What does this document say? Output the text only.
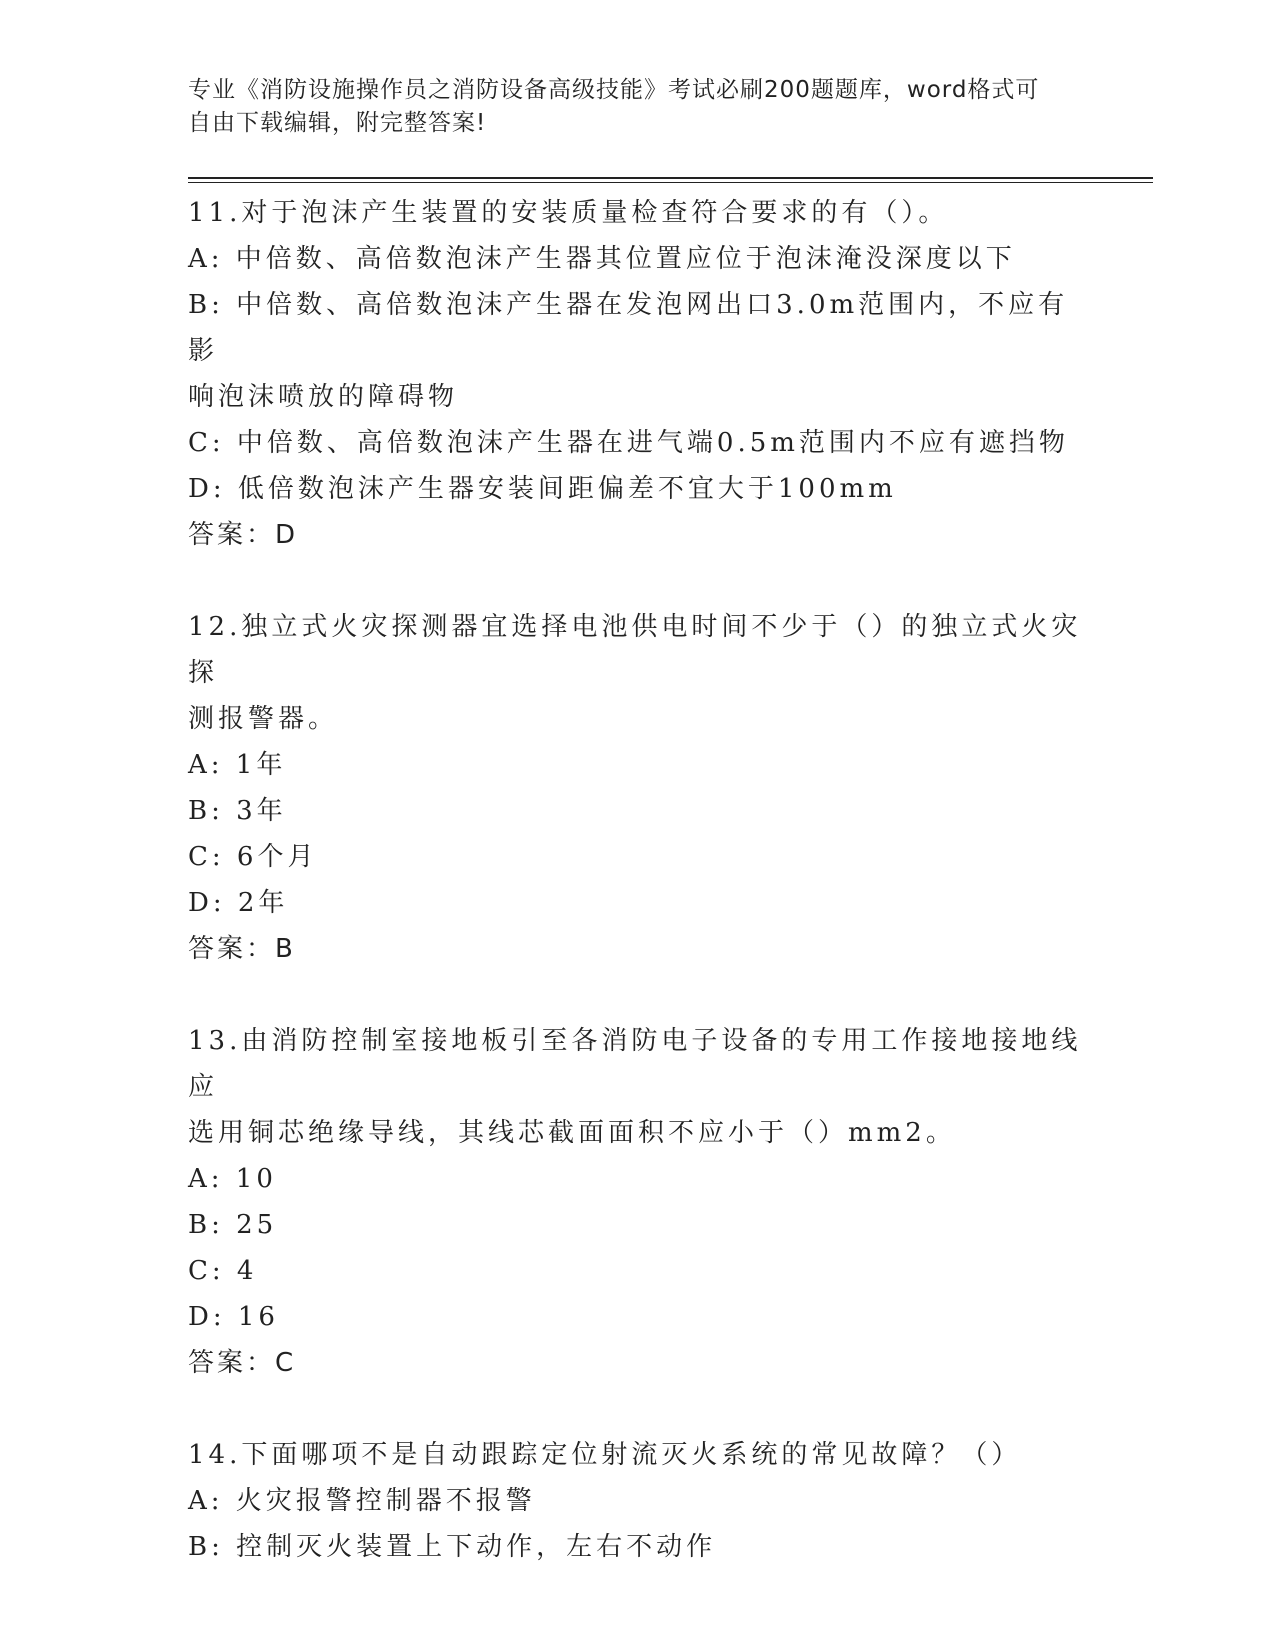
专业《消防设施操作员之消防设备高级技能》考试必刷200题题库，word格式可
自由下载编辑，附完整答案!

11.对于泡沫产生装置的安装质量检查符合要求的有（）。

A: 中倍数、高倍数泡沫产生器其位置应位于泡沫淹没深度以下

B: 中倍数、高倍数泡沫产生器在发泡网出口3.0m范围内，不应有影

响泡沫喷放的障碍物

C: 中倍数、高倍数泡沫产生器在进气端0.5m范围内不应有遮挡物

D: 低倍数泡沫产生器安装间距偏差不宜大于100mm

答案：D

12.独立式火灾探测器宜选择电池供电时间不少于（）的独立式火灾探

测报警器。

A: 1年

B: 3年

C: 6个月

D: 2年

答案：B

13.由消防控制室接地板引至各消防电子设备的专用工作接地接地线应

选用铜芯绝缘导线，其线芯截面面积不应小于（）mm2。

A: 10

B: 25

C: 4

D: 16

答案：C

14.下面哪项不是自动跟踪定位射流灭火系统的常见故障？（）

A: 火灾报警控制器不报警

B: 控制灭火装置上下动作，左右不动作
